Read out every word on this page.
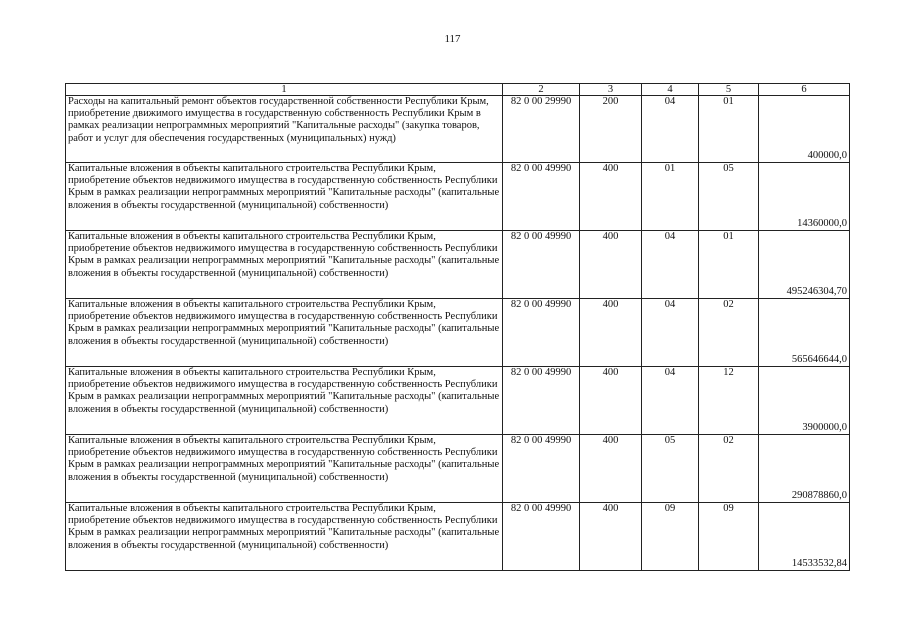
117
1	2	3	4	5	6
Расходы на капитальный ремонт объектов государственной собственности Республики Крым, приобретение движимого имущества в государственную собственность Республики Крым в рамках реализации непрограммных мероприятий "Капитальные расходы" (закупка товаров, работ и услуг для обеспечения государственных (муниципальных) нужд)	82 0 00 29990	200	04	01	400000,0
Капитальные вложения в объекты капитального строительства Республики Крым, приобретение объектов недвижимого имущества в государственную собственность Республики Крым в рамках реализации непрограммных мероприятий "Капитальные расходы" (капитальные вложения в объекты государственной (муниципальной) собственности)	82 0 00 49990	400	01	05	14360000,0
Капитальные вложения в объекты капитального строительства Республики Крым, приобретение объектов недвижимого имущества в государственную собственность Республики Крым в рамках реализации непрограммных мероприятий "Капитальные расходы" (капитальные вложения в объекты государственной (муниципальной) собственности)	82 0 00 49990	400	04	01	495246304,70
Капитальные вложения в объекты капитального строительства Республики Крым, приобретение объектов недвижимого имущества в государственную собственность Республики Крым в рамках реализации непрограммных мероприятий "Капитальные расходы" (капитальные вложения в объекты государственной (муниципальной) собственности)	82 0 00 49990	400	04	02	565646644,0
Капитальные вложения в объекты капитального строительства Республики Крым, приобретение объектов недвижимого имущества в государственную собственность Республики Крым в рамках реализации непрограммных мероприятий "Капитальные расходы" (капитальные вложения в объекты государственной (муниципальной) собственности)	82 0 00 49990	400	04	12	3900000,0
Капитальные вложения в объекты капитального строительства Республики Крым, приобретение объектов недвижимого имущества в государственную собственность Республики Крым в рамках реализации непрограммных мероприятий "Капитальные расходы" (капитальные вложения в объекты государственной (муниципальной) собственности)	82 0 00 49990	400	05	02	290878860,0
Капитальные вложения в объекты капитального строительства Республики Крым, приобретение объектов недвижимого имущества в государственную собственность Республики Крым в рамках реализации непрограммных мероприятий "Капитальные расходы" (капитальные вложения в объекты государственной (муниципальной) собственности)	82 0 00 49990	400	09	09	14533532,84
